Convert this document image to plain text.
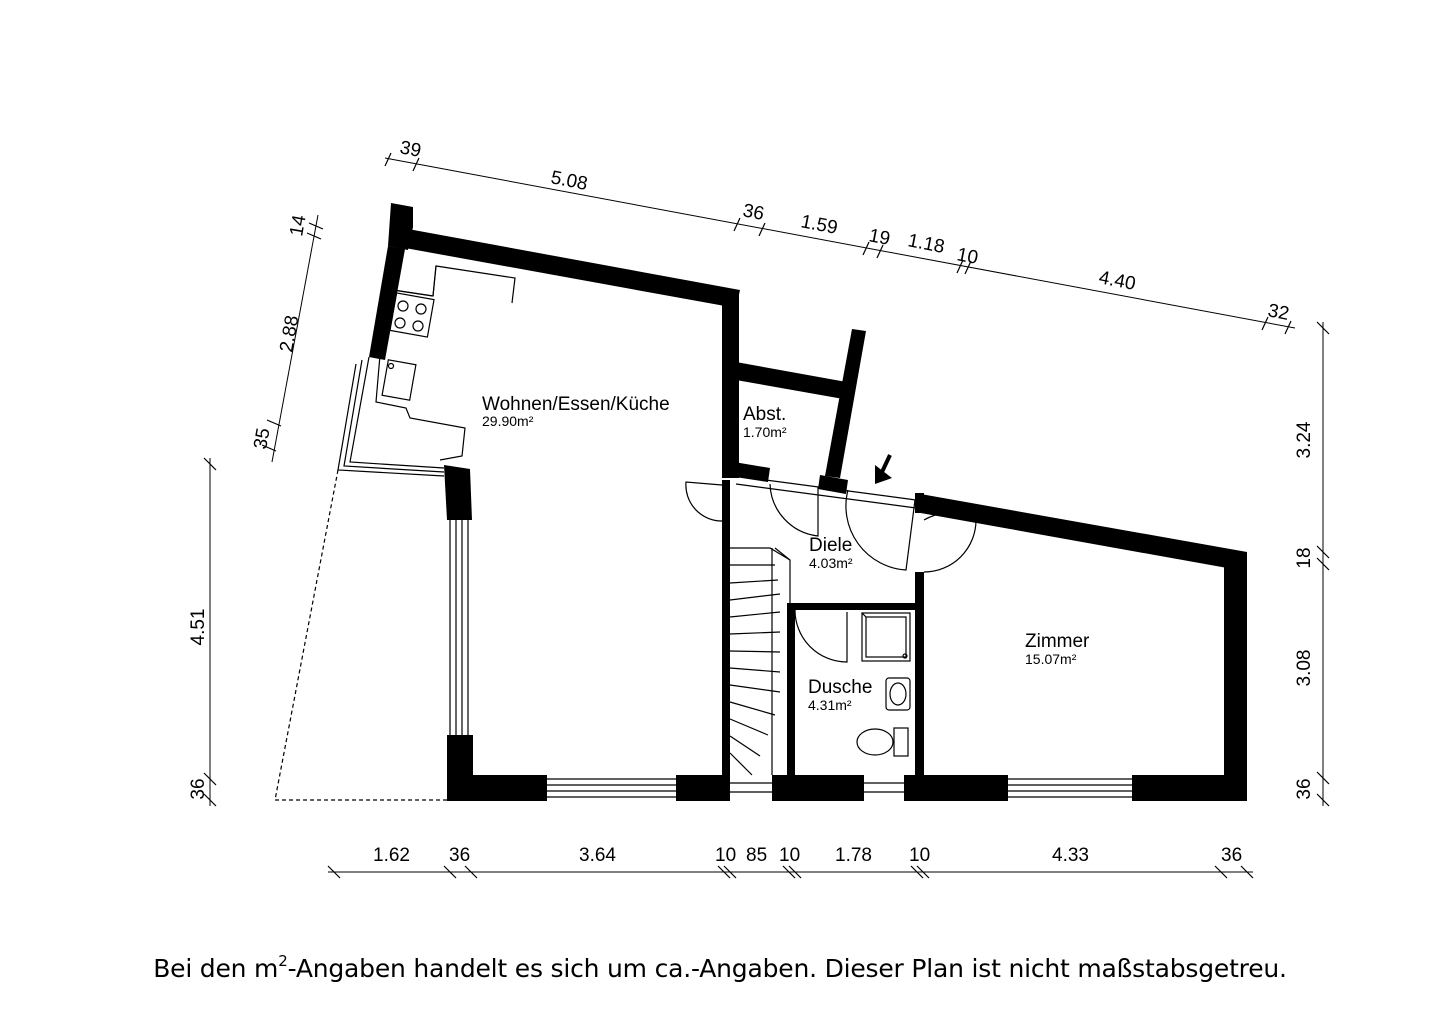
Wohnen/Essen/Küche
29.90m²	Abst.
1.70m²
Diele
4.03m²
Dusche
4.31m²
Zimmer
15.07m²	www.grundriss.com
39
5.08
36 1.59 19 1.18 10
4.40
32
1.62 36	3.64	10 85 10 1.78 10	4.33	36
4.51
36
3.24
18
3.08
36
14
2.88
35
Bei den $m^2$-Angaben handelt es sich um ca.-Angaben. Dieser Plan ist nicht maßstabsgetreu.
